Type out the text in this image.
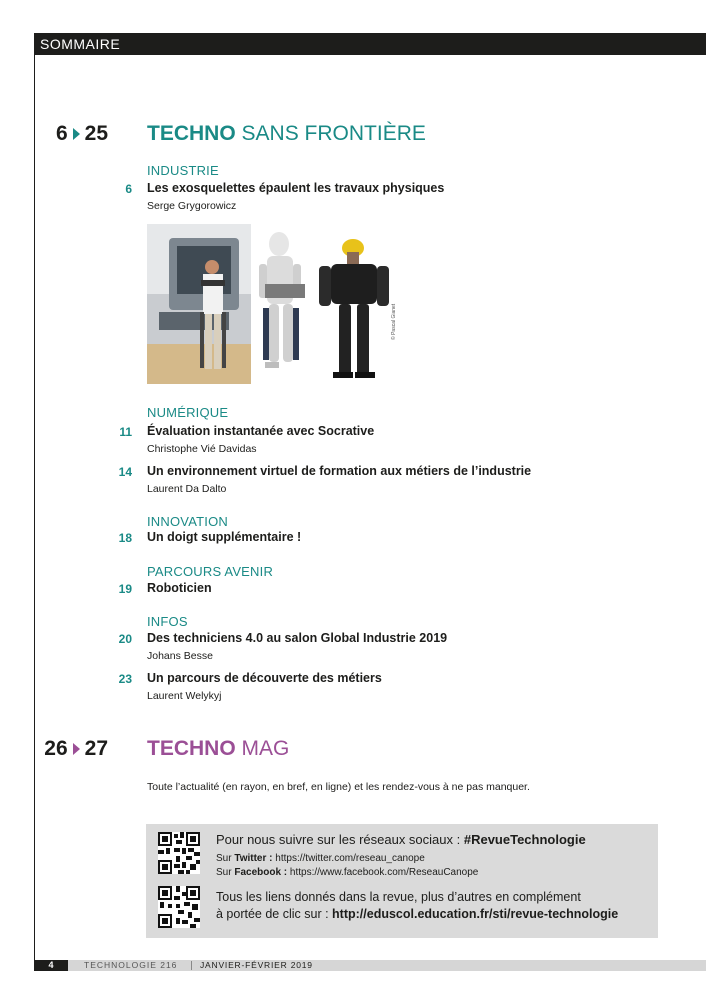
SOMMAIRE
6 25 TECHNO SANS FRONTIÈRE
INDUSTRIE
6 Les exosquelettes épaulent les travaux physiques
Serge Grygorowicz
© Pascal Gianet
NUMÉRIQUE
11 Évaluation instantanée avec Socrative
Christophe Vié Davidas
14 Un environnement virtuel de formation aux métiers de l’industrie
Laurent Da Dalto
INNOVATION
18 Un doigt supplémentaire !
PARCOURS AVENIR
19 Roboticien
INFOS
20 Des techniciens 4.0 au salon Global Industrie 2019
Johans Besse
23 Un parcours de découverte des métiers
Laurent Welykyj
26 27 TECHNO MAG
Toute l’actualité (en rayon, en bref, en ligne) et les rendez-vous à ne pas manquer.
Pour nous suivre sur les réseaux sociaux : #RevueTechnologie
Sur Twitter : https://twitter.com/reseau_canope
Sur Facebook : https://www.facebook.com/ReseauCanope
Tous les liens donnés dans la revue, plus d’autres en complément
à portée de clic sur : http://eduscol.education.fr/sti/revue-technologie
4	TECHNOLOGIE 216	JANVIER-FÉVRIER 2019
